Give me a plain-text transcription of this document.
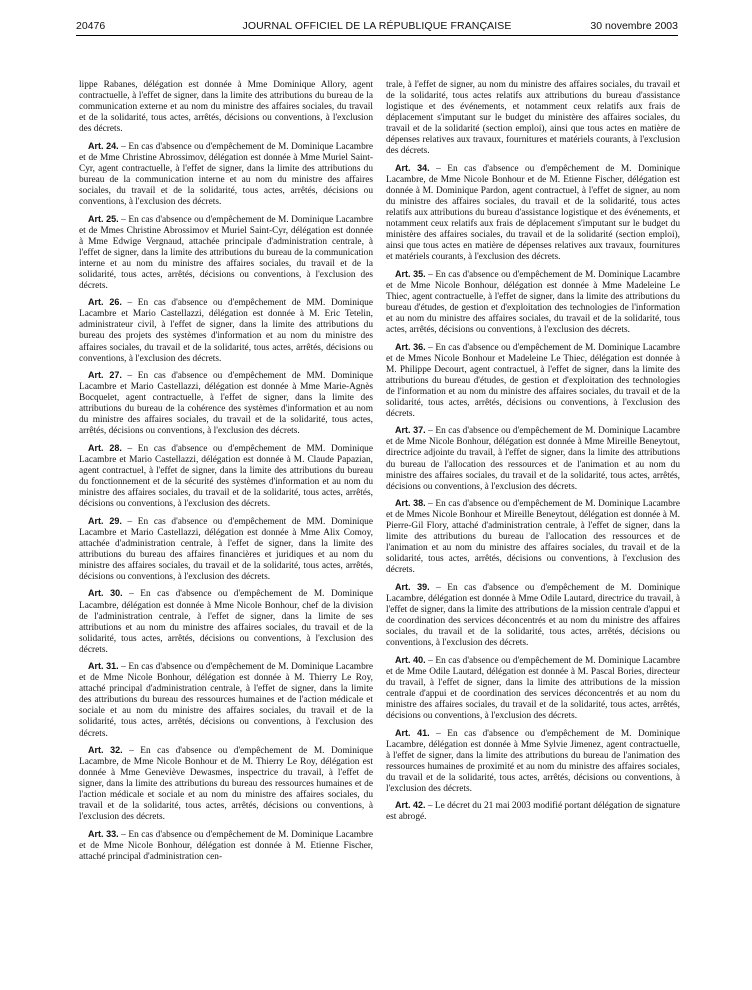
20476	JOURNAL OFFICIEL DE LA RÉPUBLIQUE FRANÇAISE	30 novembre 2003

lippe Rabanes, délégation est donnée à Mme Dominique Allory, agent contractuelle, à l'effet de signer, dans la limite des attributions du bureau de la communication externe et au nom du ministre des affaires sociales, du travail et de la solidarité, tous actes, arrêtés, décisions ou conventions, à l'exclusion des décrets.

Art. 24. – En cas d'absence ou d'empêchement de M. Dominique Lacambre et de Mme Christine Abrossimov, délégation est donnée à Mme Muriel Saint-Cyr, agent contractuelle, à l'effet de signer, dans la limite des attributions du bureau de la communication interne et au nom du ministre des affaires sociales, du travail et de la solidarité, tous actes, arrêtés, décisions ou conventions, à l'exclusion des décrets.

Art. 25. – En cas d'absence ou d'empêchement de M. Dominique Lacambre et de Mmes Christine Abrossimov et Muriel Saint-Cyr, délégation est donnée à Mme Edwige Vergnaud, attachée principale d'administration centrale, à l'effet de signer, dans la limite des attributions du bureau de la communication interne et au nom du ministre des affaires sociales, du travail et de la solidarité, tous actes, arrêtés, décisions ou conventions, à l'exclusion des décrets.

Art. 26. – En cas d'absence ou d'empêchement de MM. Dominique Lacambre et Mario Castellazzi, délégation est donnée à M. Eric Tetelin, administrateur civil, à l'effet de signer, dans la limite des attributions du bureau des projets des systèmes d'information et au nom du ministre des affaires sociales, du travail et de la solidarité, tous actes, arrêtés, décisions ou conventions, à l'exclusion des décrets.

Art. 27. – En cas d'absence ou d'empêchement de MM. Dominique Lacambre et Mario Castellazzi, délégation est donnée à Mme Marie-Agnès Bocquelet, agent contractuelle, à l'effet de signer, dans la limite des attributions du bureau de la cohérence des systèmes d'information et au nom du ministre des affaires sociales, du travail et de la solidarité, tous actes, arrêtés, décisions ou conventions, à l'exclusion des décrets.

Art. 28. – En cas d'absence ou d'empêchement de MM. Dominique Lacambre et Mario Castellazzi, délégation est donnée à M. Claude Papazian, agent contractuel, à l'effet de signer, dans la limite des attributions du bureau du fonctionnement et de la sécurité des systèmes d'information et au nom du ministre des affaires sociales, du travail et de la solidarité, tous actes, arrêtés, décisions ou conventions, à l'exclusion des décrets.

Art. 29. – En cas d'absence ou d'empêchement de MM. Dominique Lacambre et Mario Castellazzi, délégation est donnée à Mme Alix Comoy, attachée d'administration centrale, à l'effet de signer, dans la limite des attributions du bureau des affaires financières et juridiques et au nom du ministre des affaires sociales, du travail et de la solidarité, tous actes, arrêtés, décisions ou conventions, à l'exclusion des décrets.

Art. 30. – En cas d'absence ou d'empêchement de M. Dominique Lacambre, délégation est donnée à Mme Nicole Bonhour, chef de la division de l'administration centrale, à l'effet de signer, dans la limite de ses attributions et au nom du ministre des affaires sociales, du travail et de la solidarité, tous actes, arrêtés, décisions ou conventions, à l'exclusion des décrets.

Art. 31. – En cas d'absence ou d'empêchement de M. Dominique Lacambre et de Mme Nicole Bonhour, délégation est donnée à M. Thierry Le Roy, attaché principal d'administration centrale, à l'effet de signer, dans la limite des attributions du bureau des ressources humaines et de l'action médicale et sociale et au nom du ministre des affaires sociales, du travail et de la solidarité, tous actes, arrêtés, décisions ou conventions, à l'exclusion des décrets.

Art. 32. – En cas d'absence ou d'empêchement de M. Dominique Lacambre, de Mme Nicole Bonhour et de M. Thierry Le Roy, délégation est donnée à Mme Geneviève Dewasmes, inspectrice du travail, à l'effet de signer, dans la limite des attributions du bureau des ressources humaines et de l'action médicale et sociale et au nom du ministre des affaires sociales, du travail et de la solidarité, tous actes, arrêtés, décisions ou conventions, à l'exclusion des décrets.

Art. 33. – En cas d'absence ou d'empêchement de M. Dominique Lacambre et de Mme Nicole Bonhour, délégation est donnée à M. Etienne Fischer, attaché principal d'administration cen-

trale, à l'effet de signer, au nom du ministre des affaires sociales, du travail et de la solidarité, tous actes relatifs aux attributions du bureau d'assistance logistique et des événements, et notamment ceux relatifs aux frais de déplacement s'imputant sur le budget du ministère des affaires sociales, du travail et de la solidarité (section emploi), ainsi que tous actes en matière de dépenses relatives aux travaux, fournitures et matériels courants, à l'exclusion des décrets.

Art. 34. – En cas d'absence ou d'empêchement de M. Dominique Lacambre, de Mme Nicole Bonhour et de M. Etienne Fischer, délégation est donnée à M. Dominique Pardon, agent contractuel, à l'effet de signer, au nom du ministre des affaires sociales, du travail et de la solidarité, tous actes relatifs aux attributions du bureau d'assistance logistique et des événements, et notamment ceux relatifs aux frais de déplacement s'imputant sur le budget du ministère des affaires sociales, du travail et de la solidarité (section emploi), ainsi que tous actes en matière de dépenses relatives aux travaux, fournitures et matériels courants, à l'exclusion des décrets.

Art. 35. – En cas d'absence ou d'empêchement de M. Dominique Lacambre et de Mme Nicole Bonhour, délégation est donnée à Mme Madeleine Le Thiec, agent contractuelle, à l'effet de signer, dans la limite des attributions du bureau d'études, de gestion et d'exploitation des technologies de l'information et au nom du ministre des affaires sociales, du travail et de la solidarité, tous actes, arrêtés, décisions ou conventions, à l'exclusion des décrets.

Art. 36. – En cas d'absence ou d'empêchement de M. Dominique Lacambre et de Mmes Nicole Bonhour et Madeleine Le Thiec, délégation est donnée à M. Philippe Decourt, agent contractuel, à l'effet de signer, dans la limite des attributions du bureau d'études, de gestion et d'exploitation des technologies de l'information et au nom du ministre des affaires sociales, du travail et de la solidarité, tous actes, arrêtés, décisions ou conventions, à l'exclusion des décrets.

Art. 37. – En cas d'absence ou d'empêchement de M. Dominique Lacambre et de Mme Nicole Bonhour, délégation est donnée à Mme Mireille Beneytout, directrice adjointe du travail, à l'effet de signer, dans la limite des attributions du bureau de l'allocation des ressources et de l'animation et au nom du ministre des affaires sociales, du travail et de la solidarité, tous actes, arrêtés, décisions ou conventions, à l'exclusion des décrets.

Art. 38. – En cas d'absence ou d'empêchement de M. Dominique Lacambre et de Mmes Nicole Bonhour et Mireille Beneytout, délégation est donnée à M. Pierre-Gil Flory, attaché d'administration centrale, à l'effet de signer, dans la limite des attributions du bureau de l'allocation des ressources et de l'animation et au nom du ministre des affaires sociales, du travail et de la solidarité, tous actes, arrêtés, décisions ou conventions, à l'exclusion des décrets.

Art. 39. – En cas d'absence ou d'empêchement de M. Dominique Lacambre, délégation est donnée à Mme Odile Lautard, directrice du travail, à l'effet de signer, dans la limite des attributions de la mission centrale d'appui et de coordination des services déconcentrés et au nom du ministre des affaires sociales, du travail et de la solidarité, tous actes, arrêtés, décisions ou conventions, à l'exclusion des décrets.

Art. 40. – En cas d'absence ou d'empêchement de M. Dominique Lacambre et de Mme Odile Lautard, délégation est donnée à M. Pascal Bories, directeur du travail, à l'effet de signer, dans la limite des attributions de la mission centrale d'appui et de coordination des services déconcentrés et au nom du ministre des affaires sociales, du travail et de la solidarité, tous actes, arrêtés, décisions ou conventions, à l'exclusion des décrets.

Art. 41. – En cas d'absence ou d'empêchement de M. Dominique Lacambre, délégation est donnée à Mme Sylvie Jimenez, agent contractuelle, à l'effet de signer, dans la limite des attributions du bureau de l'animation des ressources humaines de proximité et au nom du ministre des affaires sociales, du travail et de la solidarité, tous actes, arrêtés, décisions ou conventions, à l'exclusion des décrets.

Art. 42. – Le décret du 21 mai 2003 modifié portant délégation de signature est abrogé.
